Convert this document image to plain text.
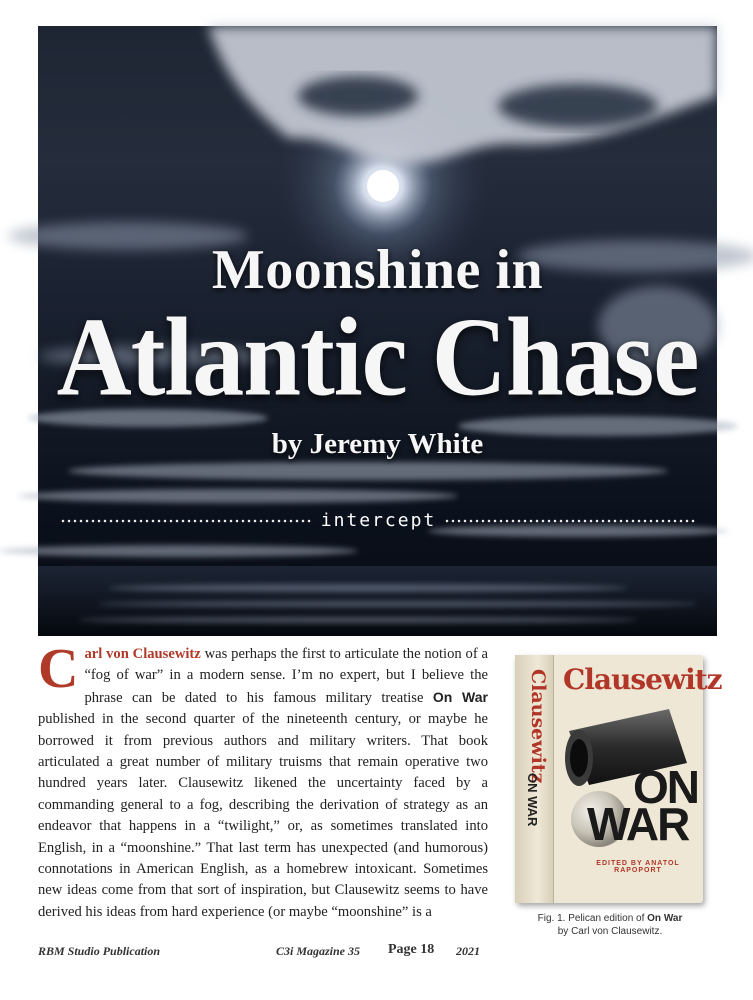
Moonshine in
Atlantic Chase
by Jeremy White
intercept
C arl von Clausewitz was perhaps the first to articulate the notion of a “fog of war” in a modern sense. I’m no expert, but I believe the phrase can be dated to his famous military treatise On War published in the second quarter of the nineteenth century, or maybe he borrowed it from previous authors and military writers. That book articulated a great number of military truisms that remain operative two hundred years later. Clausewitz likened the uncertainty faced by a commanding general to a fog, describing the derivation of strategy as an endeavor that happens in a “twilight,” or, as sometimes translated into English, in a “moonshine.” That last term has unexpected (and humorous) connotations in American English, as a homebrew intoxicant. Sometimes new ideas come from that sort of inspiration, but Clausewitz seems to have derived his ideas from hard experience (or maybe “moonshine” is a
Clausewitz
ON WAR
Clausewitz
ON
WAR
EDITED BY ANATOL RAPOPORT
Fig. 1. Pelican edition of On War
by Carl von Clausewitz.
RBM Studio Publication	C3i Magazine 35 Page 18 2021
